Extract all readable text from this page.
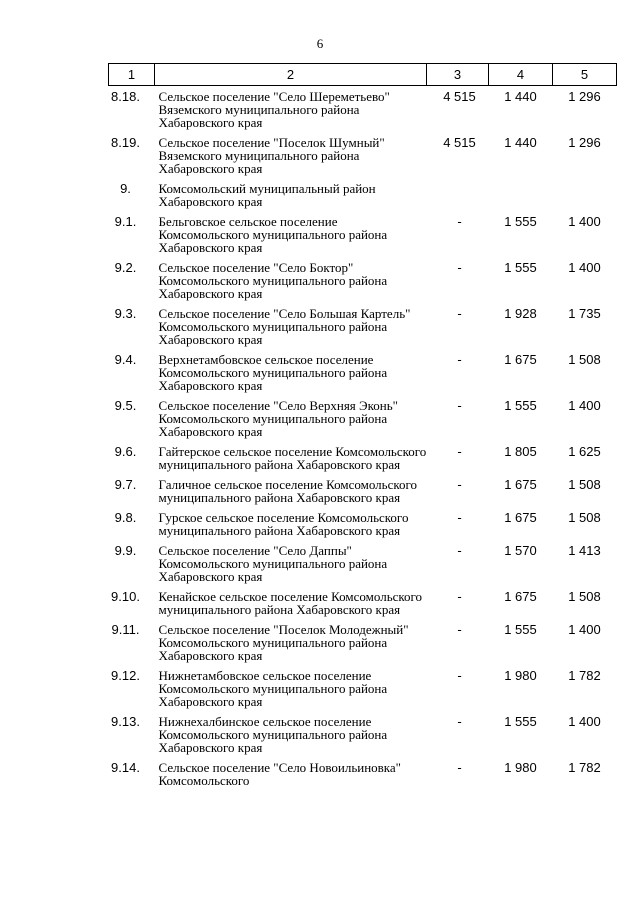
6
1	2	3	4	5
8.18.	Сельское поселение "Село Шереметьево" Вяземского муниципального района Хабаровского края	4 515	1 440	1 296
8.19.	Сельское поселение "Поселок Шумный" Вяземского муниципального района Хабаровского края	4 515	1 440	1 296
9.	Комсомольский муниципальный район Хабаровского края			
9.1.	Бельговское сельское поселение Комсомольского муниципального района Хабаровского края	-	1 555	1 400
9.2.	Сельское поселение "Село Боктор" Комсомольского муниципального района Хабаровского края	-	1 555	1 400
9.3.	Сельское поселение "Село Большая Картель" Комсомольского муниципального района Хабаровского края	-	1 928	1 735
9.4.	Верхнетамбовское сельское поселение Комсомольского муниципального района Хабаровского края	-	1 675	1 508
9.5.	Сельское поселение "Село Верхняя Эконь" Комсомольского муниципального района Хабаровского края	-	1 555	1 400
9.6.	Гайтерское сельское поселение Комсомольского муниципального района Хабаровского края	-	1 805	1 625
9.7.	Галичное сельское поселение Комсомольского муниципального района Хабаровского края	-	1 675	1 508
9.8.	Гурское сельское поселение Комсомольского муниципального района Хабаровского края	-	1 675	1 508
9.9.	Сельское поселение "Село Даппы" Комсомольского муниципального района Хабаровского края	-	1 570	1 413
9.10.	Кенайское сельское поселение Комсомольского муниципального района Хабаровского края	-	1 675	1 508
9.11.	Сельское поселение "Поселок Молодежный" Комсомольского муниципального района Хабаровского края	-	1 555	1 400
9.12.	Нижнетамбовское сельское поселение Комсомольского муниципального района Хабаровского края	-	1 980	1 782
9.13.	Нижнехалбинское сельское поселение Комсомольского муниципального района Хабаровского края	-	1 555	1 400
9.14.	Сельское поселение "Село Новоильиновка" Комсомольского	-	1 980	1 782
